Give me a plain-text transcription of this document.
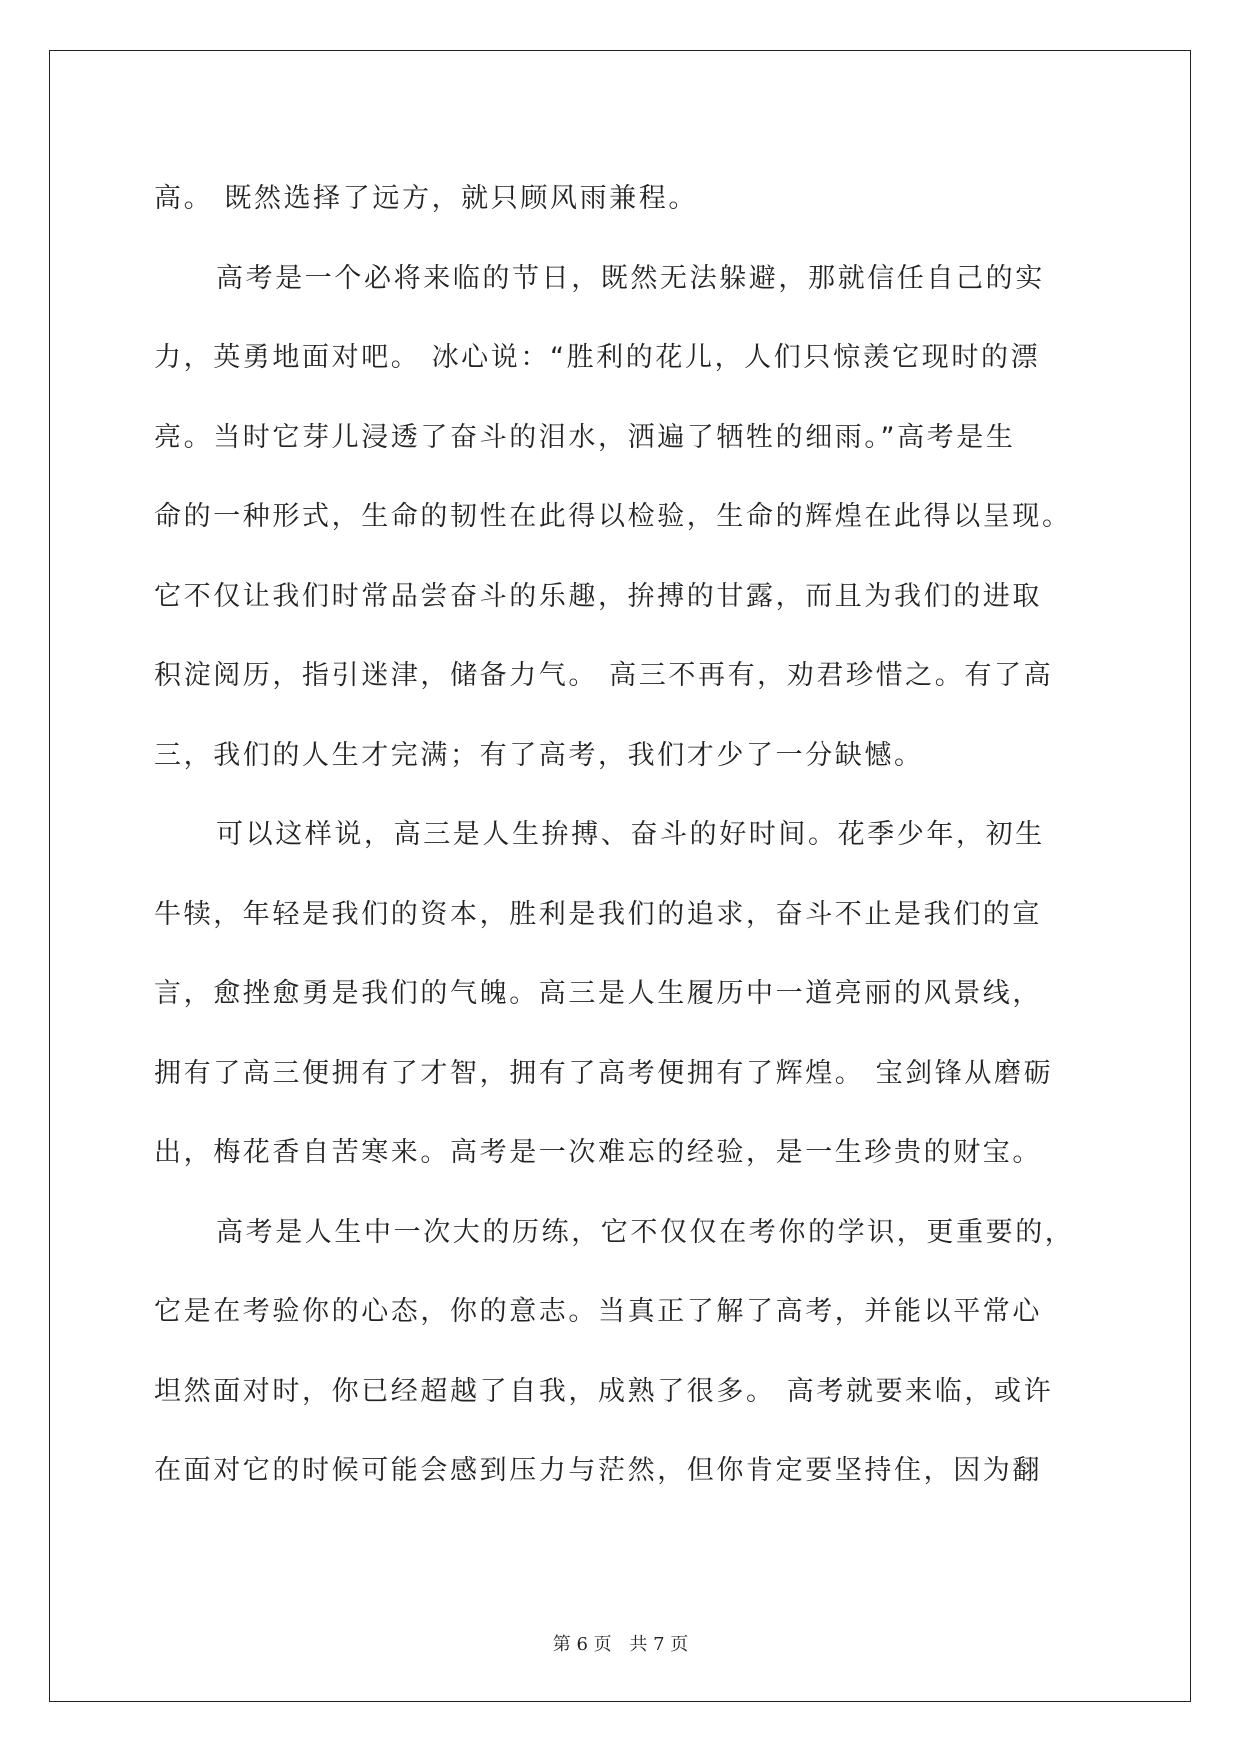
高。 既然选择了远方，就只顾风雨兼程。
高考是一个必将来临的节日，既然无法躲避，那就信任自己的实
力，英勇地面对吧。 冰心说：“胜利的花儿，人们只惊羡它现时的漂
亮。当时它芽儿浸透了奋斗的泪水，洒遍了牺牲的细雨。”高考是生
命的一种形式，生命的韧性在此得以检验，生命的辉煌在此得以呈现。
它不仅让我们时常品尝奋斗的乐趣，拚搏的甘露，而且为我们的进取
积淀阅历，指引迷津，储备力气。 高三不再有，劝君珍惜之。有了高
三，我们的人生才完满；有了高考，我们才少了一分缺憾。
可以这样说，高三是人生拚搏、奋斗的好时间。花季少年，初生
牛犊，年轻是我们的资本，胜利是我们的追求，奋斗不止是我们的宣
言，愈挫愈勇是我们的气魄。高三是人生履历中一道亮丽的风景线，
拥有了高三便拥有了才智，拥有了高考便拥有了辉煌。 宝剑锋从磨砺
出，梅花香自苦寒来。高考是一次难忘的经验，是一生珍贵的财宝。
高考是人生中一次大的历练，它不仅仅在考你的学识，更重要的，
它是在考验你的心态，你的意志。当真正了解了高考，并能以平常心
坦然面对时，你已经超越了自我，成熟了很多。 高考就要来临，或许
在面对它的时候可能会感到压力与茫然，但你肯定要坚持住，因为翻
第 6 页 共 7 页
